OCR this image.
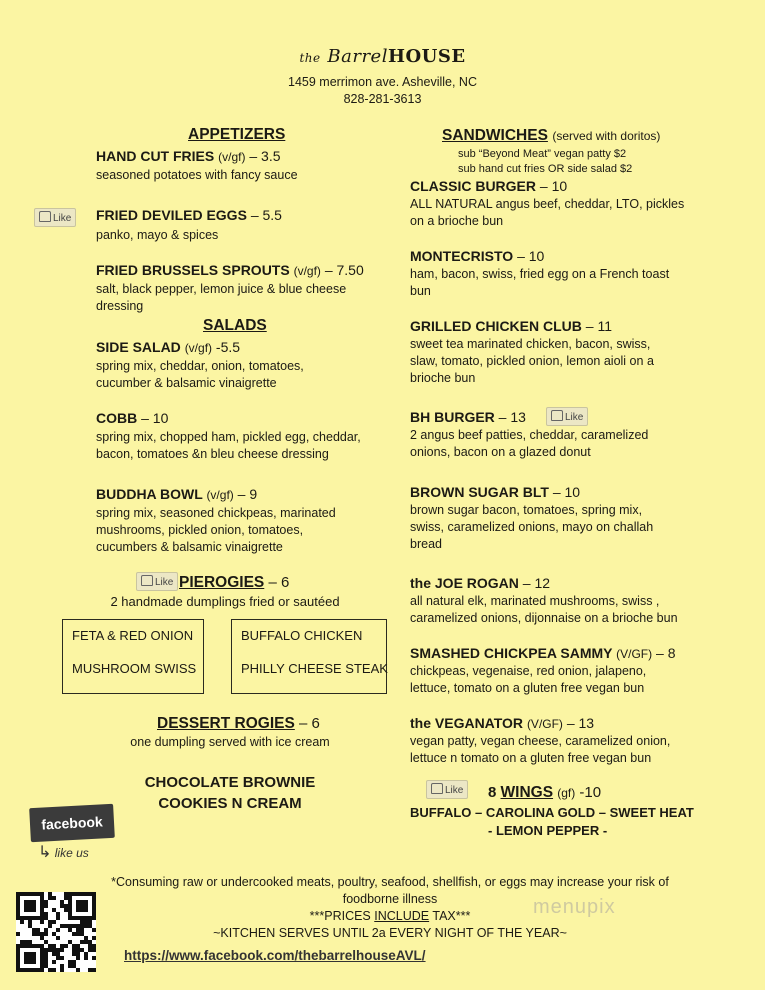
the BarrelHOUSE
1459 merrimon ave. Asheville, NC
828-281-3613
APPETIZERS
HAND CUT FRIES (v/gf) – 3.5
seasoned potatoes with fancy sauce
Like	FRIED DEVILED EGGS – 5.5
panko, mayo & spices
FRIED BRUSSELS SPROUTS (v/gf) – 7.50
salt, black pepper, lemon juice & blue cheese dressing
SALADS
SIDE SALAD (v/gf) -5.5
spring mix, cheddar, onion, tomatoes, cucumber & balsamic vinaigrette
COBB – 10
spring mix, chopped ham, pickled egg, cheddar, bacon, tomatoes &n bleu cheese dressing
BUDDHA BOWL (v/gf) – 9
spring mix, seasoned chickpeas, marinated mushrooms, pickled onion, tomatoes, cucumbers & balsamic vinaigrette
Like PIEROGIES – 6
2 handmade dumplings fried or sautéed
FETA & RED ONION
MUSHROOM SWISS
BUFFALO CHICKEN
PHILLY CHEESE STEAK
DESSERT ROGIES – 6
one dumpling served with ice cream
CHOCOLATE BROWNIE
COOKIES N CREAM
SANDWICHES (served with doritos)
sub “Beyond Meat” vegan patty $2
sub hand cut fries OR side salad $2
CLASSIC BURGER – 10
ALL NATURAL angus beef, cheddar, LTO, pickles on a brioche bun
MONTECRISTO – 10
ham, bacon, swiss, fried egg on a French toast bun
GRILLED CHICKEN CLUB – 11
sweet tea marinated chicken, bacon, swiss, slaw, tomato, pickled onion, lemon aioli on a brioche bun
BH BURGER – 13	Like
2 angus beef patties, cheddar, caramelized onions, bacon on a glazed donut
BROWN SUGAR BLT – 10
brown sugar bacon, tomatoes, spring mix, swiss, caramelized onions, mayo on challah bread
the JOE ROGAN – 12
all natural elk, marinated mushrooms, swiss , caramelized onions, dijonnaise on a brioche bun
SMASHED CHICKPEA SAMMY (V/GF) – 8
chickpeas, vegenaise, red onion, jalapeno, lettuce, tomato on a gluten free vegan bun
the VEGANATOR (V/GF) – 13
vegan patty, vegan cheese, caramelized onion, lettuce n tomato on a gluten free vegan bun
Like	8 WINGS (gf) -10
BUFFALO – CAROLINA GOLD – SWEET HEAT
- LEMON PEPPER -
facebook
↳ like us
*Consuming raw or undercooked meats, poultry, seafood, shellfish, or eggs may increase your risk of foodborne illness
***PRICES INCLUDE TAX***
~KITCHEN SERVES UNTIL 2a EVERY NIGHT OF THE YEAR~
https://www.facebook.com/thebarrelhouseAVL/
menupix
